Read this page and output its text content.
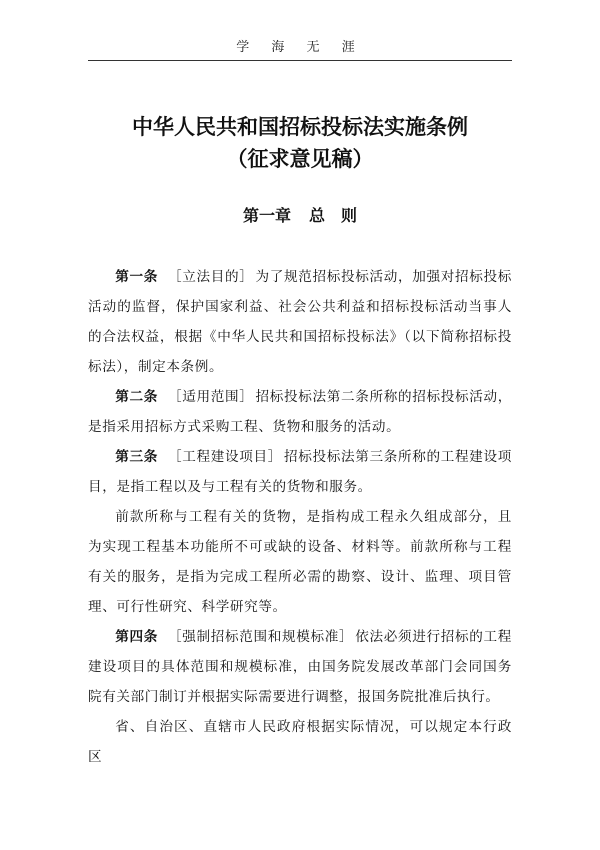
学 海 无 涯
中华人民共和国招标投标法实施条例
（征求意见稿）
第一章 总　则

第一条 ［立法目的］ 为了规范招标投标活动，加强对招标投标活动的监督，保护国家利益、社会公共利益和招标投标活动当事人的合法权益，根据《中华人民共和国招标投标法》（以下简称招标投标法），制定本条例。

第二条 ［适用范围］ 招标投标法第二条所称的招标投标活动，是指采用招标方式采购工程、货物和服务的活动。

第三条 ［工程建设项目］ 招标投标法第三条所称的工程建设项目，是指工程以及与工程有关的货物和服务。

前款所称与工程有关的货物，是指构成工程永久组成部分，且为实现工程基本功能所不可或缺的设备、材料等。前款所称与工程有关的服务，是指为完成工程所必需的勘察、设计、监理、项目管理、可行性研究、科学研究等。

第四条 ［强制招标范围和规模标准］ 依法必须进行招标的工程建设项目的具体范围和规模标准，由国务院发展改革部门会同国务院有关部门制订并根据实际需要进行调整，报国务院批准后执行。

省、自治区、直辖市人民政府根据实际情况，可以规定本行政区
